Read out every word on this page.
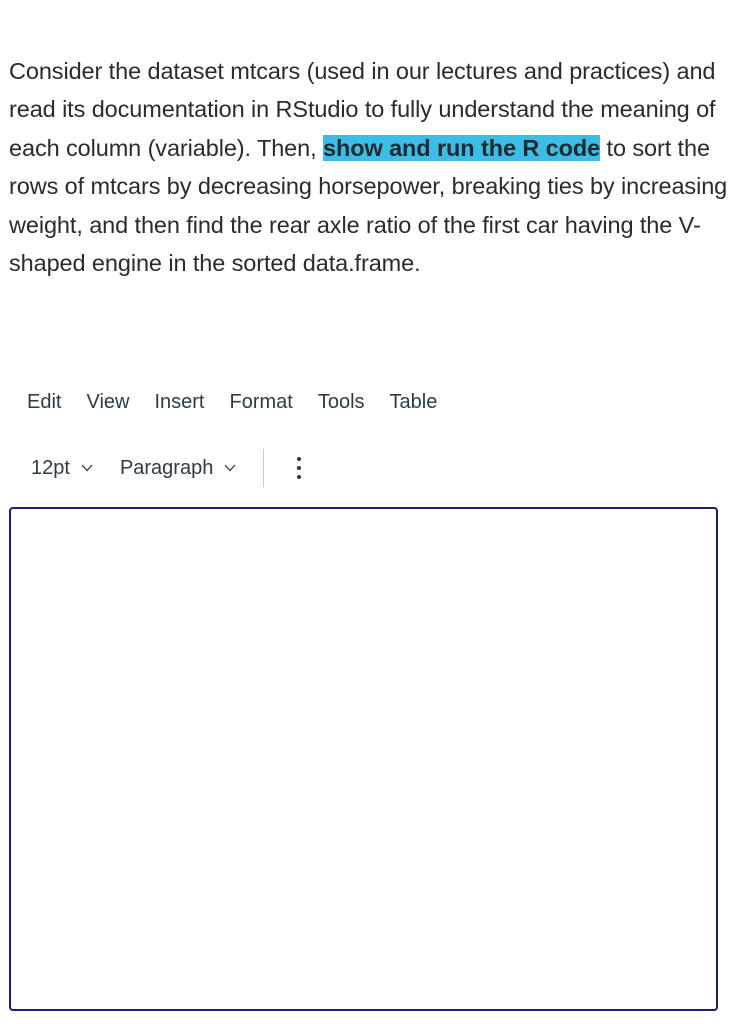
Consider the dataset mtcars (used in our lectures and practices) and read its documentation in RStudio to fully understand the meaning of each column (variable). Then, show and run the R code to sort the rows of mtcars by decreasing horsepower, breaking ties by increasing weight, and then find the rear axle ratio of the first car having the V-shaped engine in the sorted data.frame.
Edit View Insert Format Tools Table
12pt	Paragraph
